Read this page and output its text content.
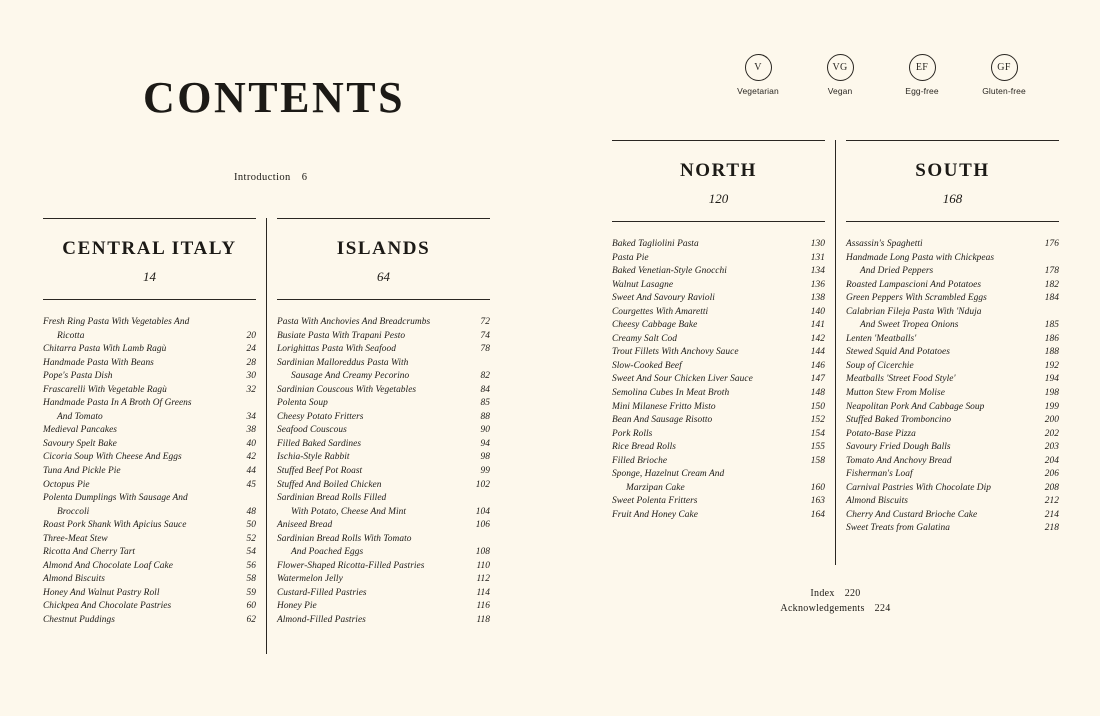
V
Vegetarian
VG
Vegan
EF
Egg-free
GF
Gluten-free
CONTENTS
Introduction 6
CENTRAL ITALY
14
Fresh Ring Pasta With Vegetables And
Ricotta	20
Chitarra Pasta With Lamb Ragù	24
Handmade Pasta With Beans	28
Pope's Pasta Dish	30
Frascarelli With Vegetable Ragù	32
Handmade Pasta In A Broth Of Greens
And Tomato	34
Medieval Pancakes	38
Savoury Spelt Bake	40
Cicoria Soup With Cheese And Eggs	42
Tuna And Pickle Pie	44
Octopus Pie	45
Polenta Dumplings With Sausage And
Broccoli	48
Roast Pork Shank With Apicius Sauce	50
Three-Meat Stew	52
Ricotta And Cherry Tart	54
Almond And Chocolate Loaf Cake	56
Almond Biscuits	58
Honey And Walnut Pastry Roll	59
Chickpea And Chocolate Pastries	60
Chestnut Puddings	62
ISLANDS
64
Pasta With Anchovies And Breadcrumbs	72
Busiate Pasta With Trapani Pesto	74
Lorighittas Pasta With Seafood	78
Sardinian Malloreddus Pasta With
Sausage And Creamy Pecorino	82
Sardinian Couscous With Vegetables	84
Polenta Soup	85
Cheesy Potato Fritters	88
Seafood Couscous	90
Filled Baked Sardines	94
Ischia-Style Rabbit	98
Stuffed Beef Pot Roast	99
Stuffed And Boiled Chicken	102
Sardinian Bread Rolls Filled
With Potato, Cheese And Mint	104
Aniseed Bread	106
Sardinian Bread Rolls With Tomato
And Poached Eggs	108
Flower-Shaped Ricotta-Filled Pastries	110
Watermelon Jelly	112
Custard-Filled Pastries	114
Honey Pie	116
Almond-Filled Pastries	118
NORTH
120
Baked Tagliolini Pasta	130
Pasta Pie	131
Baked Venetian-Style Gnocchi	134
Walnut Lasagne	136
Sweet And Savoury Ravioli	138
Courgettes With Amaretti	140
Cheesy Cabbage Bake	141
Creamy Salt Cod	142
Trout Fillets With Anchovy Sauce	144
Slow-Cooked Beef	146
Sweet And Sour Chicken Liver Sauce	147
Semolina Cubes In Meat Broth	148
Mini Milanese Fritto Misto	150
Bean And Sausage Risotto	152
Pork Rolls	154
Rice Bread Rolls	155
Filled Brioche	158
Sponge, Hazelnut Cream And
Marzipan Cake	160
Sweet Polenta Fritters	163
Fruit And Honey Cake	164
SOUTH
168
Assassin's Spaghetti	176
Handmade Long Pasta with Chickpeas
And Dried Peppers	178
Roasted Lampascioni And Potatoes	182
Green Peppers With Scrambled Eggs	184
Calabrian Fileja Pasta With 'Nduja
And Sweet Tropea Onions	185
Lenten 'Meatballs'	186
Stewed Squid And Potatoes	188
Soup of Cicerchie	192
Meatballs 'Street Food Style'	194
Mutton Stew From Molise	198
Neapolitan Pork And Cabbage Soup	199
Stuffed Baked Tromboncino	200
Potato-Base Pizza	202
Savoury Fried Dough Balls	203
Tomato And Anchovy Bread	204
Fisherman's Loaf	206
Carnival Pastries With Chocolate Dip	208
Almond Biscuits	212
Cherry And Custard Brioche Cake	214
Sweet Treats from Galatina	218
Index 220
Acknowledgements 224
